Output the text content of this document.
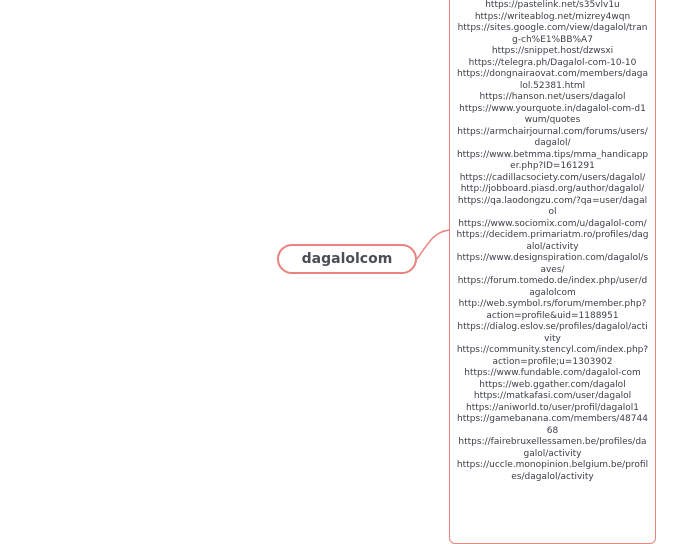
dagalolcom
https://pastelink.net/s35vlv1u
https://writeablog.net/mizrey4wqn
https://sites.google.com/view/dagalol/trang-ch%E1%BB%A7
https://snippet.host/dzwsxi
https://telegra.ph/Dagalol-com-10-10
https://dongnairaovat.com/members/dagalol.52381.html
https://hanson.net/users/dagalol
https://www.yourquote.in/dagalol-com-d1wum/quotes
https://armchairjournal.com/forums/users/dagalol/
https://www.betmma.tips/mma_handicapper.php?ID=161291
https://cadillacsociety.com/users/dagalol/
http://jobboard.piasd.org/author/dagalol/
https://qa.laodongzu.com/?qa=user/dagalol
https://www.sociomix.com/u/dagalol-com/
https://decidem.primariatm.ro/profiles/dagalol/activity
https://www.designspiration.com/dagalol/saves/
https://forum.tomedo.de/index.php/user/dagalolcom
http://web.symbol.rs/forum/member.php?action=profile&uid=1188951
https://dialog.eslov.se/profiles/dagalol/activity
https://community.stencyl.com/index.php?action=profile;u=1303902
https://www.fundable.com/dagalol-com
https://web.ggather.com/dagalol
https://matkafasi.com/user/dagalol
https://aniworld.to/user/profil/dagalol1
https://gamebanana.com/members/4874468
https://fairebruxellessamen.be/profiles/dagalol/activity
https://uccle.monopinion.belgium.be/profiles/dagalol/activity
